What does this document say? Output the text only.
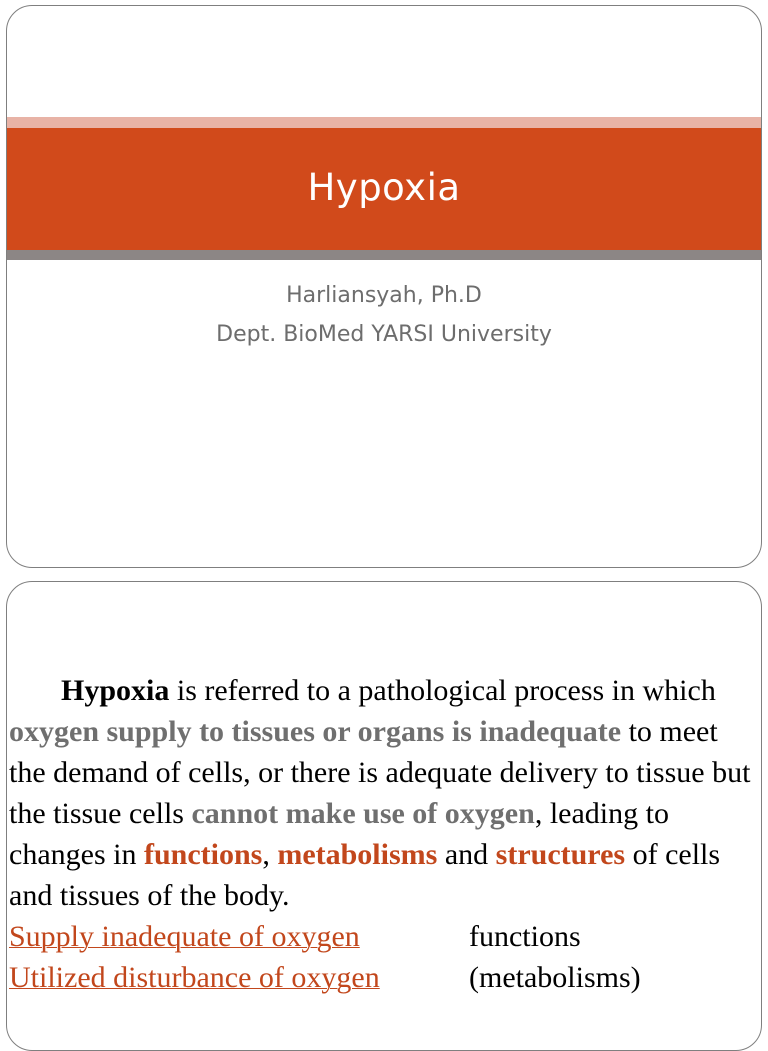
Hypoxia
Harliansyah, Ph.D
Dept. BioMed YARSI University

Hypoxia is referred to a pathological process in which oxygen supply to tissues or organs is inadequate to meet the demand of cells, or there is adequate delivery to tissue but the tissue cells cannot make use of oxygen, leading to changes in functions, metabolisms and structures of cells and tissues of the body.

Supply inadequate of oxygen	functions
Utilized disturbance of oxygen	(metabolisms)
